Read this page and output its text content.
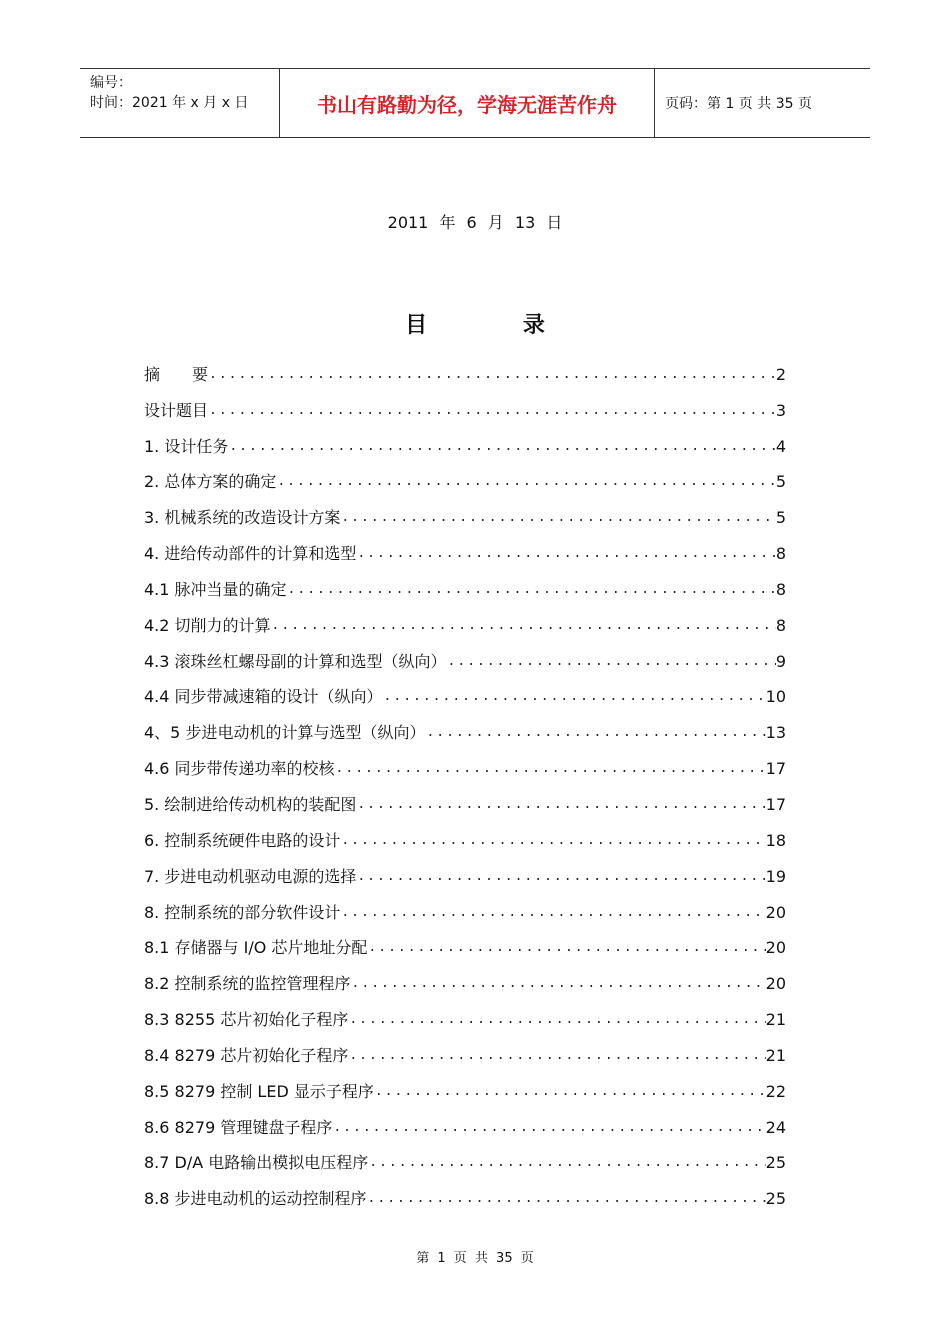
编号：
时间：2021 年 x 月 x 日	书山有路勤为径，学海无涯苦作舟	页码：第 1 页 共 35 页
2011 年 6 月 13 日
目 录
摘　　要 .....	2
设计题目 .....	3
1. 设计任务 .....	4
2. 总体方案的确定 .....	5
3. 机械系统的改造设计方案 .....	5
4. 进给传动部件的计算和选型 .....	8
4.1 脉冲当量的确定 .....	8
4.2 切削力的计算 .....	8
4.3 滚珠丝杠螺母副的计算和选型（纵向） .....	9
4.4 同步带减速箱的设计（纵向） .....	10
4、5 步进电动机的计算与选型（纵向） .....	13
4.6 同步带传递功率的校核 .....	17
5. 绘制进给传动机构的装配图 .....	17
6. 控制系统硬件电路的设计 .....	18
7. 步进电动机驱动电源的选择 .....	19
8. 控制系统的部分软件设计 .....	20
8.1 存储器与 I/O 芯片地址分配 .....	20
8.2 控制系统的监控管理程序 .....	20
8.3 8255 芯片初始化子程序 .....	21
8.4 8279 芯片初始化子程序 .....	21
8.5 8279 控制 LED 显示子程序 .....	22
8.6 8279 管理键盘子程序 .....	24
8.7 D/A 电路输出模拟电压程序 .....	25
8.8 步进电动机的运动控制程序 .....	25
第 1 页 共 35 页
